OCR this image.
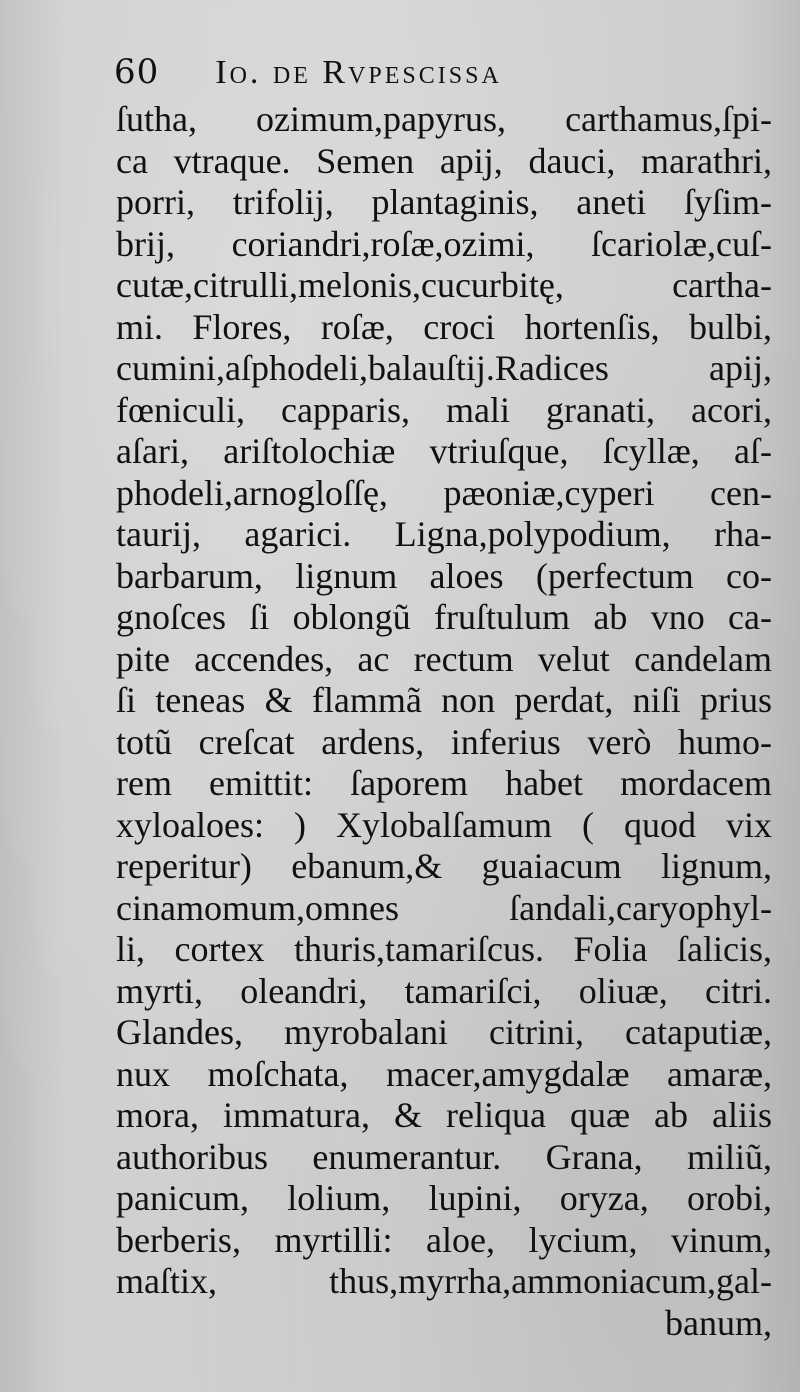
60 Io. de Rvpescissa
ſutha, ozimum,papyrus, carthamus,ſpi-
ca vtraque. Semen apij, dauci, marathri,
porri, trifolij, plantaginis, aneti ſyſim-
brij, coriandri,roſæ,ozimi, ſcariolæ,cuſ-
cutæ,citrulli,melonis,cucurbitę, cartha-
mi. Flores, roſæ, croci hortenſis, bulbi,
cumini,aſphodeli,balauſtij.Radices apij,
fœniculi, capparis, mali granati, acori,
aſari, ariſtolochiæ vtriuſque, ſcyllæ, aſ-
phodeli,arnogloſſę, pæoniæ,cyperi cen-
taurij, agarici. Ligna,polypodium, rha-
barbarum, lignum aloes (perfectum co-
gnoſces ſi oblongũ fruſtulum ab vno ca-
pite accendes, ac rectum velut candelam
ſi teneas & flammã non perdat, niſi prius
totũ creſcat ardens, inferius verò humo-
rem emittit: ſaporem habet mordacem
xyloaloes: ) Xylobalſamum ( quod vix
reperitur) ebanum,& guaiacum lignum,
cinamomum,omnes ſandali,caryophyl-
li, cortex thuris,tamariſcus. Folia ſalicis,
myrti, oleandri, tamariſci, oliuæ, citri.
Glandes, myrobalani citrini, cataputiæ,
nux moſchata, macer,amygdalæ amaræ,
mora, immatura, & reliqua quæ ab aliis
authoribus enumerantur. Grana, miliũ,
panicum, lolium, lupini, oryza, orobi,
berberis, myrtilli: aloe, lycium, vinum,
maſtix, thus,myrrha,ammoniacum,gal-
banum,
